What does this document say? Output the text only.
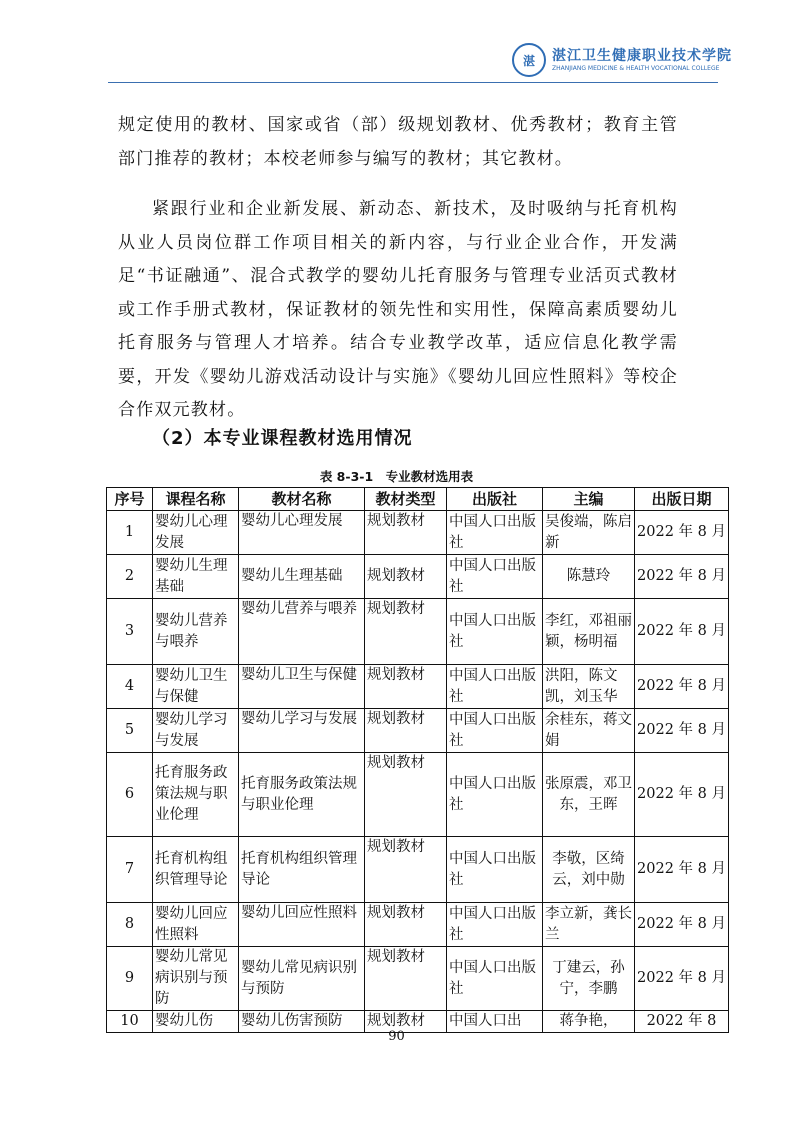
湛	湛江卫生健康职业技术学院
ZHANJIANG MEDICINE & HEALTH VOCATIONAL COLLEGE

规定使用的教材、国家或省（部）级规划教材、优秀教材；教育主管部门推荐的教材；本校老师参与编写的教材；其它教材。

紧跟行业和企业新发展、新动态、新技术，及时吸纳与托育机构从业人员岗位群工作项目相关的新内容，与行业企业合作，开发满足“书证融通”、混合式教学的婴幼儿托育服务与管理专业活页式教材或工作手册式教材，保证教材的领先性和实用性，保障高素质婴幼儿托育服务与管理人才培养。结合专业教学改革，适应信息化教学需要，开发《婴幼儿游戏活动设计与实施》《婴幼儿回应性照料》等校企合作双元教材。

（2）本专业课程教材选用情况
表 8-3-1　专业教材选用表
序号	课程名称	教材名称	教材类型	出版社	主编	出版日期
1	婴幼儿心理发展	婴幼儿心理发展	规划教材	中国人口出版社	吴俊端，陈启新	2022 年 8 月
2	婴幼儿生理基础	婴幼儿生理基础	规划教材	中国人口出版社	陈慧玲	2022 年 8 月
3	婴幼儿营养与喂养	婴幼儿营养与喂养	规划教材	中国人口出版社	李红，邓祖丽颖，杨明福	2022 年 8 月
4	婴幼儿卫生与保健	婴幼儿卫生与保健	规划教材	中国人口出版社	洪阳，陈文凯，刘玉华	2022 年 8 月
5	婴幼儿学习与发展	婴幼儿学习与发展	规划教材	中国人口出版社	余桂东，蒋文娟	2022 年 8 月
6	托育服务政策法规与职业伦理	托育服务政策法规与职业伦理	规划教材	中国人口出版社	张原震，邓卫东，王晖	2022 年 8 月
7	托育机构组织管理导论	托育机构组织管理导论	规划教材	中国人口出版社	李敬，区绮云，刘中勋	2022 年 8 月
8	婴幼儿回应性照料	婴幼儿回应性照料	规划教材	中国人口出版社	李立新，龚长兰	2022 年 8 月
9	婴幼儿常见病识别与预防	婴幼儿常见病识别与预防	规划教材	中国人口出版社	丁建云，孙宁，李鹏	2022 年 8 月
10	婴幼儿伤	婴幼儿伤害预防	规划教材	中国人口出	蒋争艳，	2022 年 8
90
